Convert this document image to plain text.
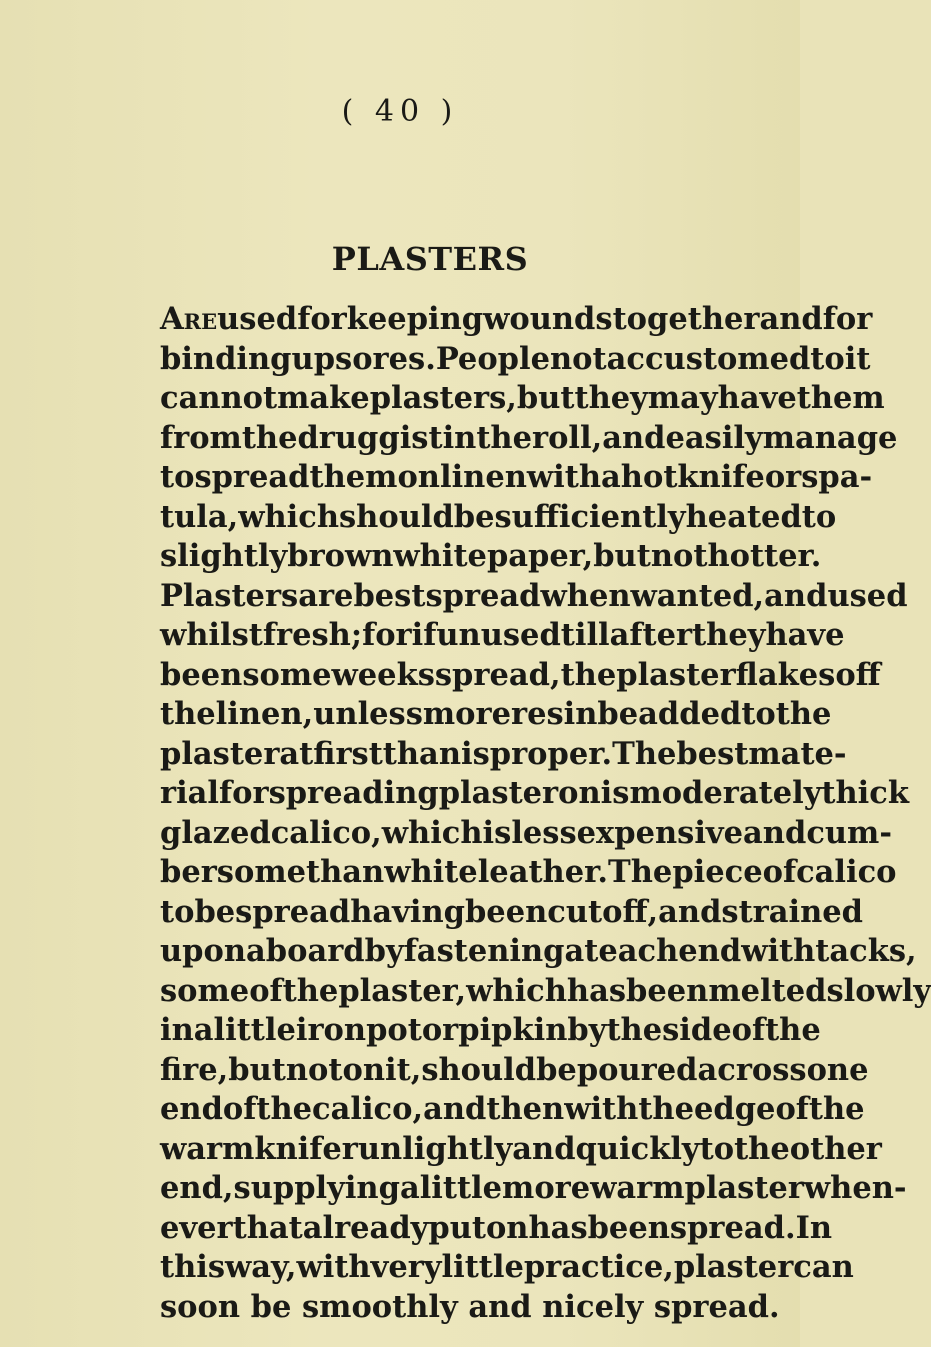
( 40 )
PLASTERS
Are used for keeping wounds together and for
binding up sores. People not accustomed to it
cannot make plasters, but they may have them
from the druggist in the roll, and easily manage
to spread them on linen with a hot knife or spa-
tula, which should be sufficiently heated to
slightly brown white paper, but not hotter.
Plasters are best spread when wanted, and used
whilst fresh; for if unused till after they have
been some weeks spread, the plaster flakes off
the linen, unless more resin be added to the
plaster at first than is proper. The best mate-
rial for spreading plaster on is moderately thick
glazed calico, which is less expensive and cum-
bersome than white leather. The piece of calico
to be spread having been cut off, and strained
upon a board by fastening at each end with tacks,
some of the plaster, which has been melted slowly
in a little iron pot or pipkin by the side of the
fire, but not on it, should be poured across one
end of the calico, and then with the edge of the
warm knife run lightly and quickly to the other
end, supplying a little more warm plaster when-
ever that already put on has been spread. In
this way, with very little practice, plaster can
soon be smoothly and nicely spread.
